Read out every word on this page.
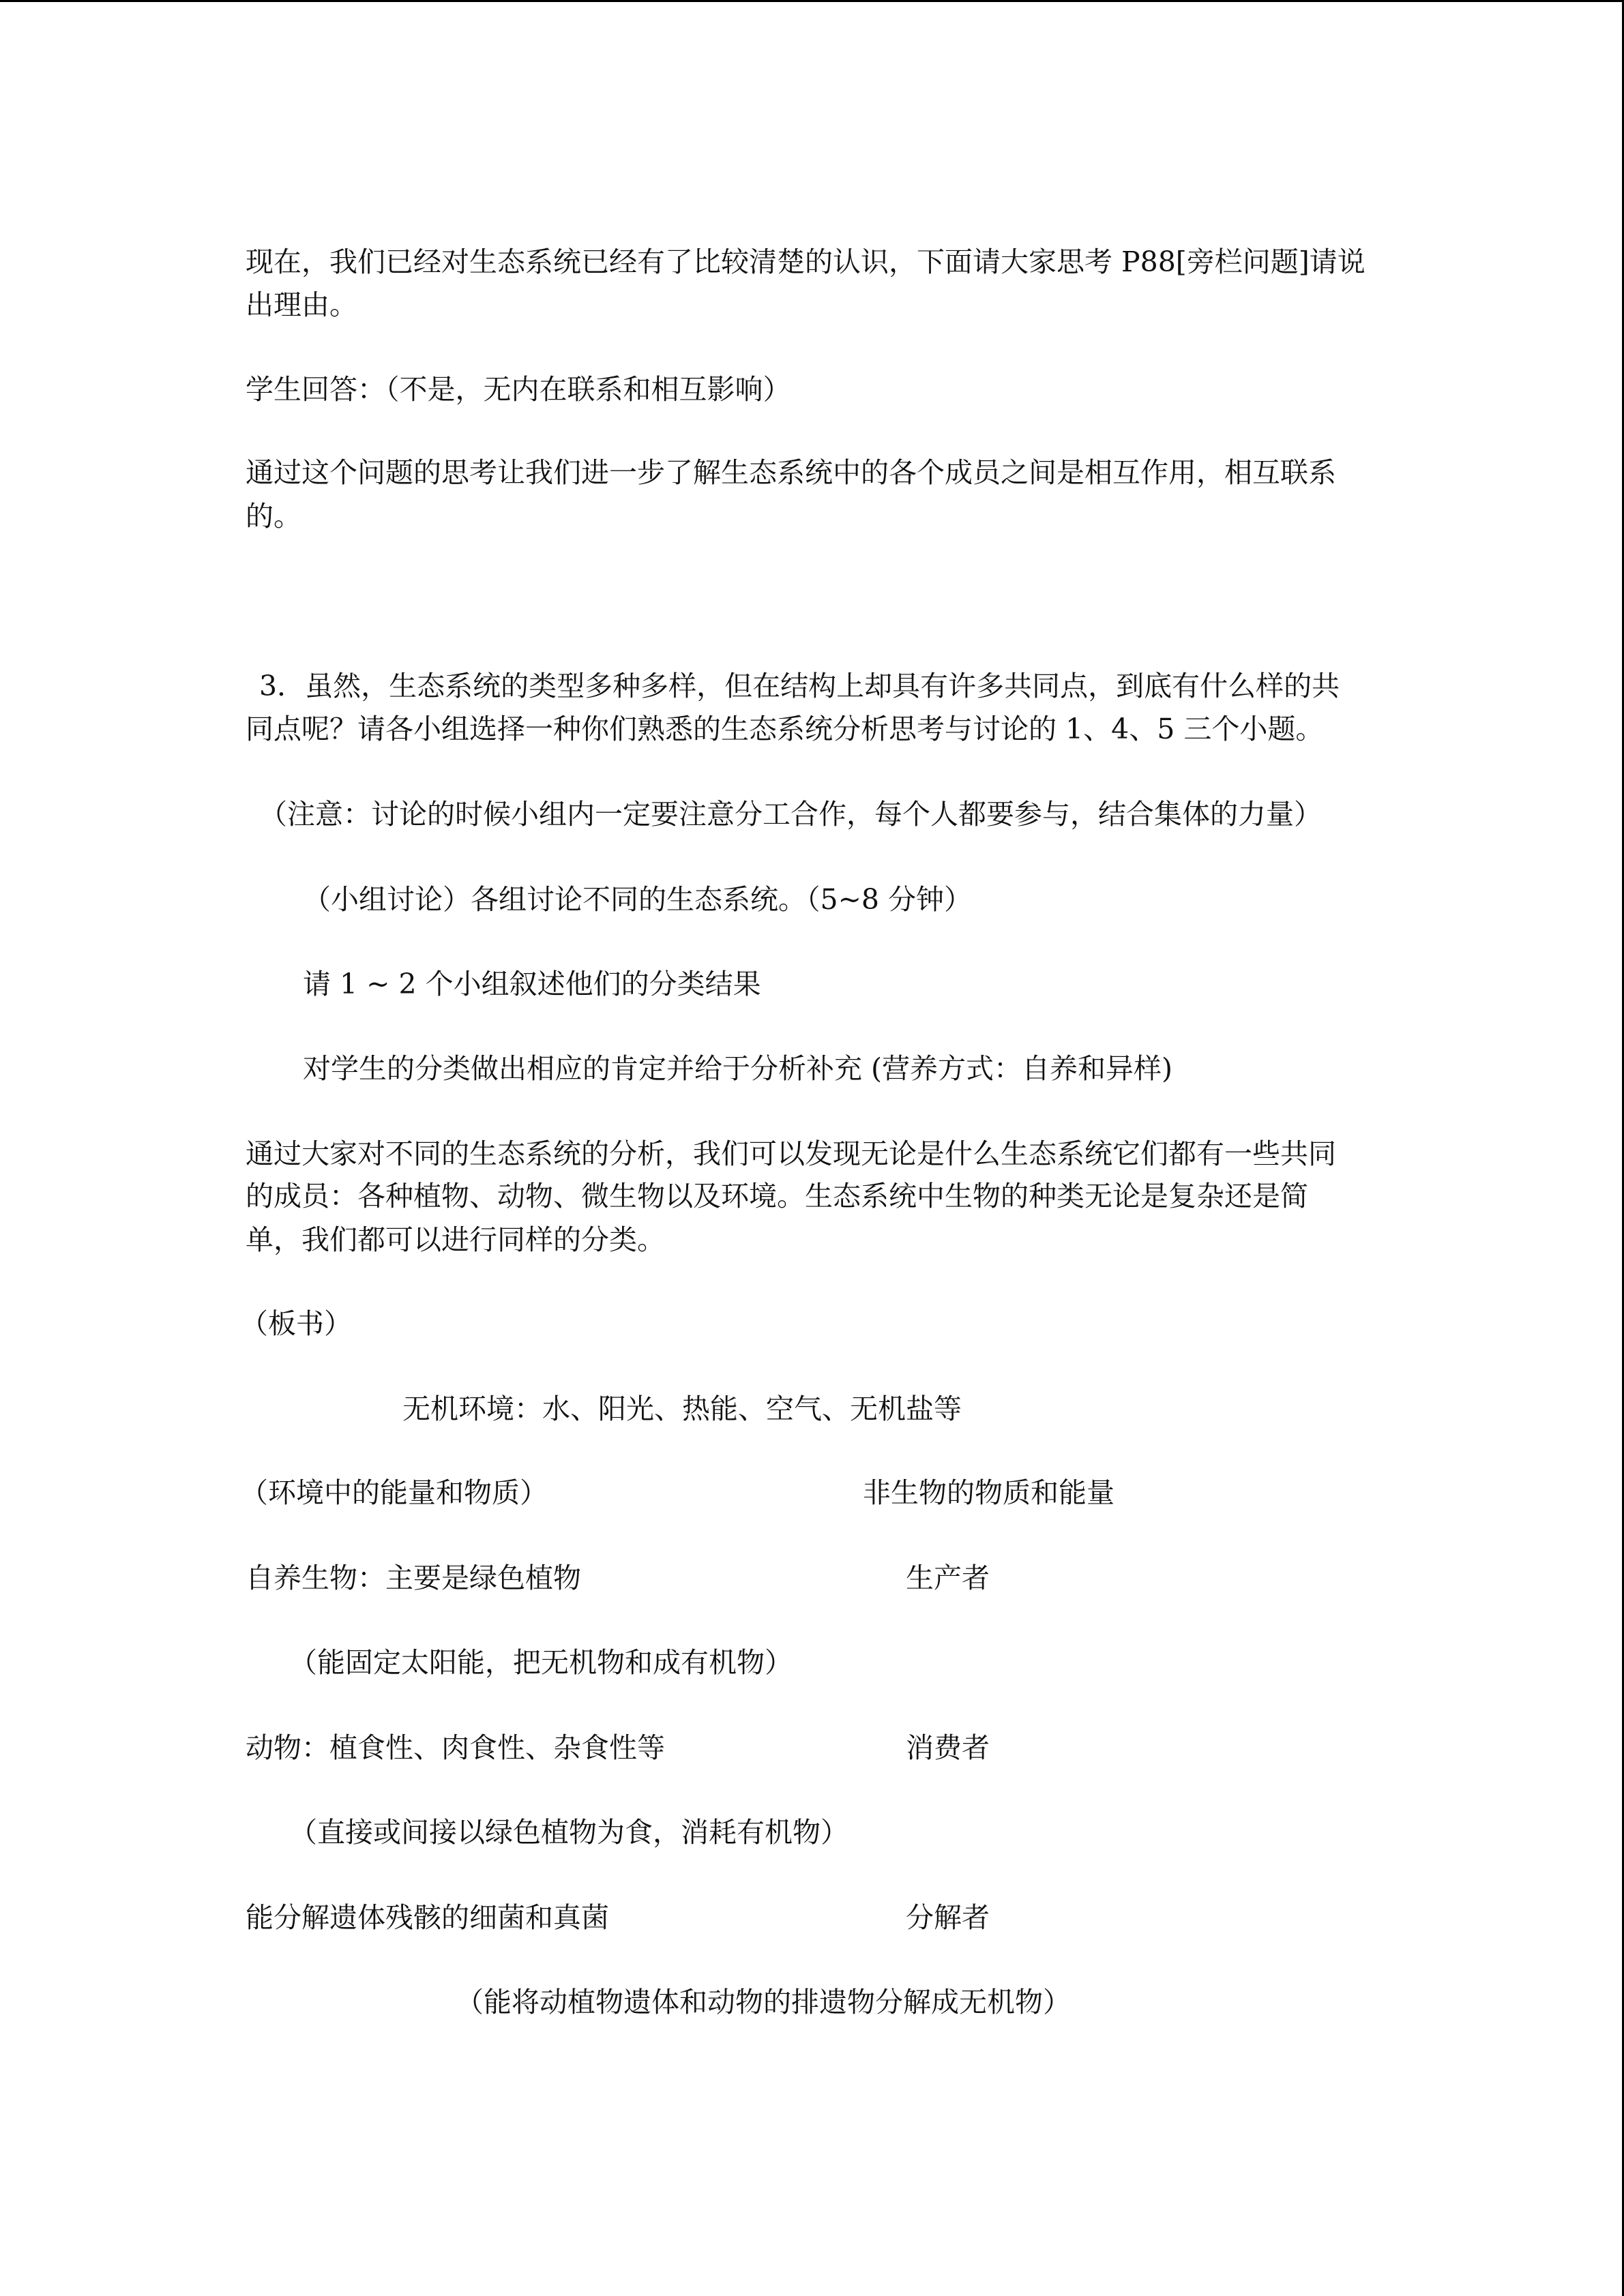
现在，我们已经对生态系统已经有了比较清楚的认识，下面请大家思考 P88[旁栏问题]请说

出理由。

学生回答：（不是，无内在联系和相互影响）

通过这个问题的思考让我们进一步了解生态系统中的各个成员之间是相互作用，相互联系

的。

3．虽然，生态系统的类型多种多样，但在结构上却具有许多共同点，到底有什么样的共

同点呢？请各小组选择一种你们熟悉的生态系统分析思考与讨论的 1、4、5 三个小题。

（注意：讨论的时候小组内一定要注意分工合作，每个人都要参与，结合集体的力量）

（小组讨论）各组讨论不同的生态系统。（5~8 分钟）

请 1 ~ 2 个小组叙述他们的分类结果

对学生的分类做出相应的肯定并给于分析补充 (营养方式：自养和异样)

通过大家对不同的生态系统的分析，我们可以发现无论是什么生态系统它们都有一些共同

的成员：各种植物、动物、微生物以及环境。生态系统中生物的种类无论是复杂还是简

单，我们都可以进行同样的分类。

（板书）

无机环境：水、阳光、热能、空气、无机盐等

（环境中的能量和物质）	非生物的物质和能量

自养生物：主要是绿色植物	生产者

（能固定太阳能，把无机物和成有机物）

动物：植食性、肉食性、杂食性等	消费者

（直接或间接以绿色植物为食，消耗有机物）

能分解遗体残骸的细菌和真菌	分解者

（能将动植物遗体和动物的排遗物分解成无机物）
